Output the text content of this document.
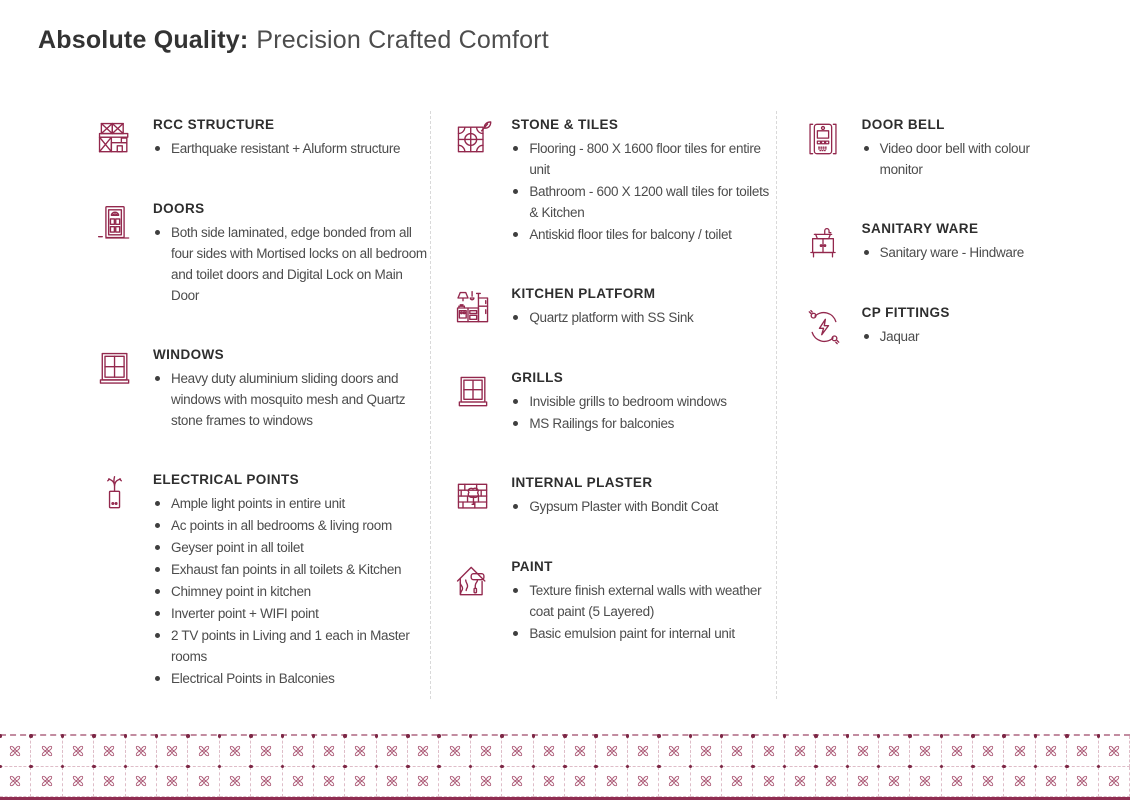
Absolute Quality: Precision Crafted Comfort
RCC STRUCTURE
Earthquake resistant + Aluform structure
DOORS
Both side laminated, edge bonded from all four sides with Mortised locks on all bedroom and toilet doors and Digital Lock on Main Door
WINDOWS
Heavy duty aluminium sliding doors and windows with mosquito mesh and Quartz stone frames to windows
ELECTRICAL POINTS
Ample light points in entire unit
Ac points in all bedrooms & living room
Geyser point in all toilet
Exhaust fan points in all toilets & Kitchen
Chimney point in kitchen
Inverter point + WIFI point
2 TV points in Living and 1 each in Master rooms
Electrical Points in Balconies
STONE & TILES
Flooring - 800 X 1600 floor tiles for entire unit
Bathroom - 600 X 1200 wall tiles for toilets & Kitchen
Antiskid floor tiles for balcony / toilet
KITCHEN PLATFORM
Quartz platform with SS Sink
GRILLS
Invisible grills to bedroom windows
MS Railings for balconies
INTERNAL PLASTER
Gypsum Plaster with Bondit Coat
PAINT
Texture finish external walls with weather coat paint (5 Layered)
Basic emulsion paint for internal unit
DOOR BELL
Video door bell with colour monitor
SANITARY WARE
Sanitary ware - Hindware
CP FITTINGS
Jaquar
